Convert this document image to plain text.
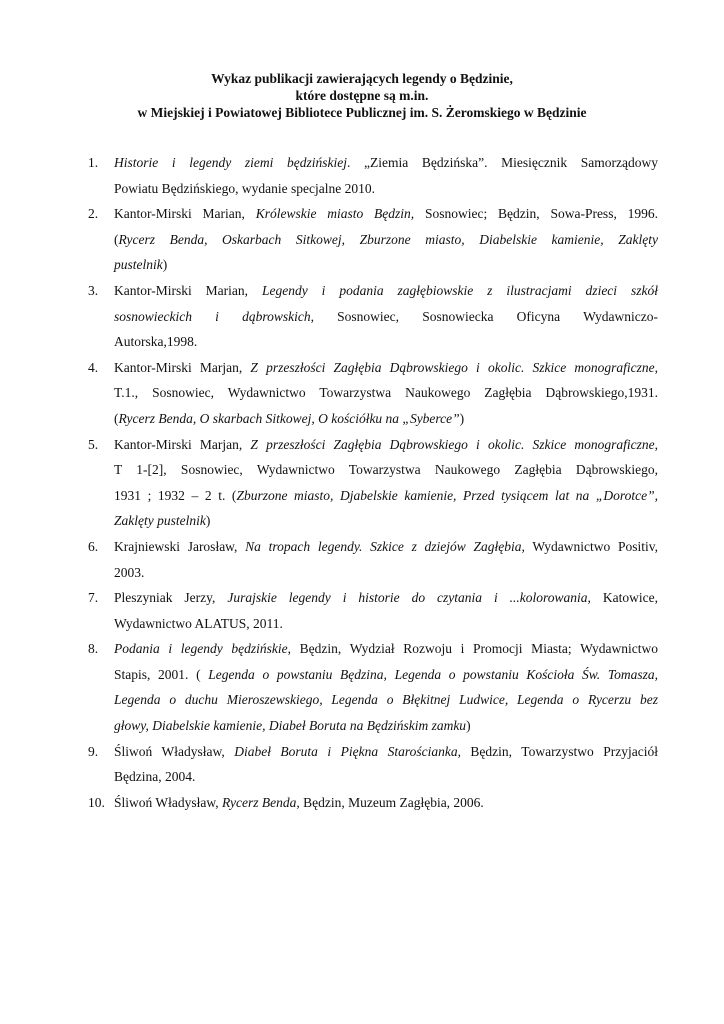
Wykaz publikacji zawierających legendy o Będzinie,
które dostępne są m.in.
w Miejskiej i Powiatowej Bibliotece Publicznej im. S. Żeromskiego w Będzinie
1. Historie i legendy ziemi będzińskiej. „Ziemia Będzińska”. Miesięcznik Samorządowy
Powiatu Będzińskiego, wydanie specjalne 2010.
2. Kantor-Mirski Marian, Królewskie miasto Będzin, Sosnowiec; Będzin, Sowa-Press, 1996.
(Rycerz Benda, Oskarbach Sitkowej, Zburzone miasto, Diabelskie kamienie, Zaklęty
pustelnik)
3. Kantor-Mirski Marian, Legendy i podania zagłębiowskie z ilustracjami dzieci szkół
sosnowieckich i dąbrowskich, Sosnowiec, Sosnowiecka Oficyna Wydawniczo-
Autorska,1998.
4. Kantor-Mirski Marjan, Z przeszłości Zagłębia Dąbrowskiego i okolic. Szkice monograficzne,
T.1., Sosnowiec, Wydawnictwo Towarzystwa Naukowego Zagłębia Dąbrowskiego,1931.
(Rycerz Benda, O skarbach Sitkowej, O kościółku na „Syberce”)
5. Kantor-Mirski Marjan, Z przeszłości Zagłębia Dąbrowskiego i okolic. Szkice monograficzne,
T 1-[2], Sosnowiec, Wydawnictwo Towarzystwa Naukowego Zagłębia Dąbrowskiego,
1931 ; 1932 – 2 t. (Zburzone miasto, Djabelskie kamienie, Przed tysiącem lat na „Dorotce”,
Zaklęty pustelnik)
6. Krajniewski Jarosław, Na tropach legendy. Szkice z dziejów Zagłębia, Wydawnictwo Positiv,
2003.
7. Pleszyniak Jerzy, Jurajskie legendy i historie do czytania i ...kolorowania, Katowice,
Wydawnictwo ALATUS, 2011.
8. Podania i legendy będzińskie, Będzin, Wydział Rozwoju i Promocji Miasta; Wydawnictwo
Stapis, 2001. ( Legenda o powstaniu Będzina, Legenda o powstaniu Kościoła Św. Tomasza,
Legenda o duchu Mieroszewskiego, Legenda o Błękitnej Ludwice, Legenda o Rycerzu bez
głowy, Diabelskie kamienie, Diabeł Boruta na Będzińskim zamku)
9. Śliwoń Władysław, Diabeł Boruta i Piękna Starościanka, Będzin, Towarzystwo Przyjaciół
Będzina, 2004.
10. Śliwoń Władysław, Rycerz Benda, Będzin, Muzeum Zagłębia, 2006.
